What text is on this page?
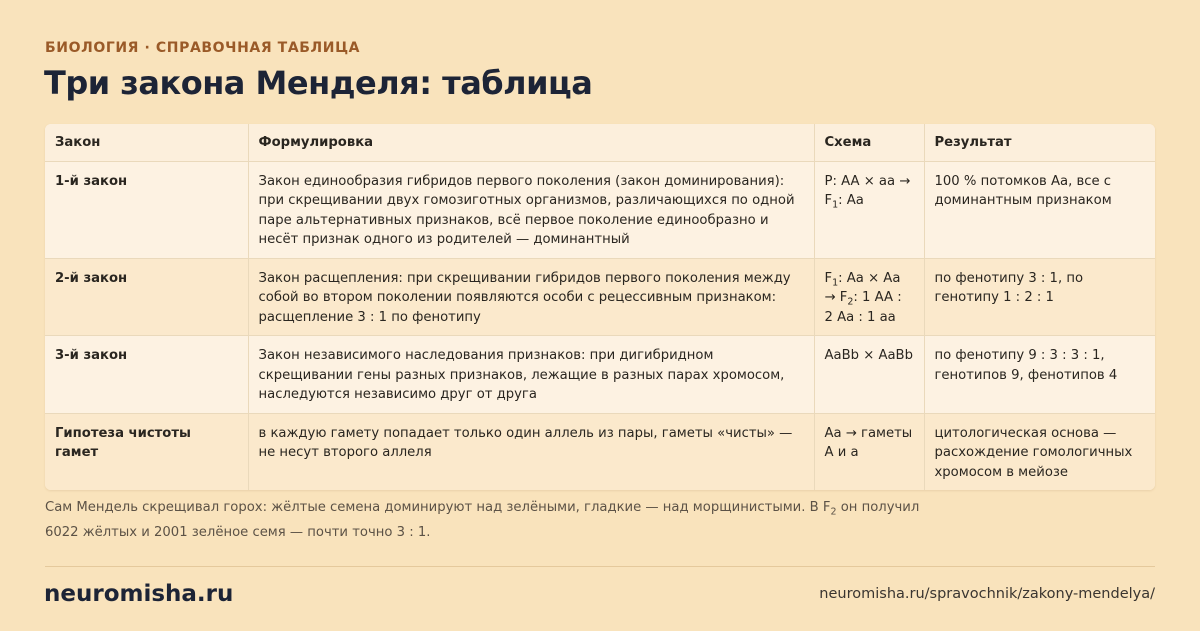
БИОЛОГИЯ · СПРАВОЧНАЯ ТАБЛИЦА
Три закона Менделя: таблица
Закон	Формулировка	Схема	Результат
1-й закон	Закон единообразия гибридов первого поколения (закон доминирования): при скрещивании двух гомозиготных организмов, различающихся по одной паре альтернативных признаков, всё первое поколение единообразно и несёт признак одного из родителей — доминантный	P: AA × aa → $F_1$: Aa	100 % потомков Aa, все с доминантным признаком
2-й закон	Закон расщепления: при скрещивании гибридов первого поколения между собой во втором поколении появляются особи с рецессивным признаком: расщепление 3 : 1 по фенотипу	$F_1$: $Aa \times Aa \to F_2$: 1 AA : 2 Aa : 1 aa	по фенотипу 3 : 1, по генотипу 1 : 2 : 1
3-й закон	Закон независимого наследования признаков: при дигибридном скрещивании гены разных признаков, лежащие в разных парах хромосом, наследуются независимо друг от друга	AaBb × AaBb	по фенотипу 9 : 3 : 3 : 1, генотипов 9, фенотипов 4
Гипотеза чистоты гамет	в каждую гамету попадает только один аллель из пары, гаметы «чисты» — не несут второго аллеля	Aa → гаметы A и a	цитологическая основа — расхождение гомологичных хромосом в мейозе

Сам Мендель скрещивал горох: жёлтые семена доминируют над зелёными, гладкие — над морщинистыми. В $F_2$ он получил 6022 жёлтых и 2001 зелёное семя — почти точно 3 : 1.

neuromisha.ru	neuromisha.ru/spravochnik/zakony-mendelya/
